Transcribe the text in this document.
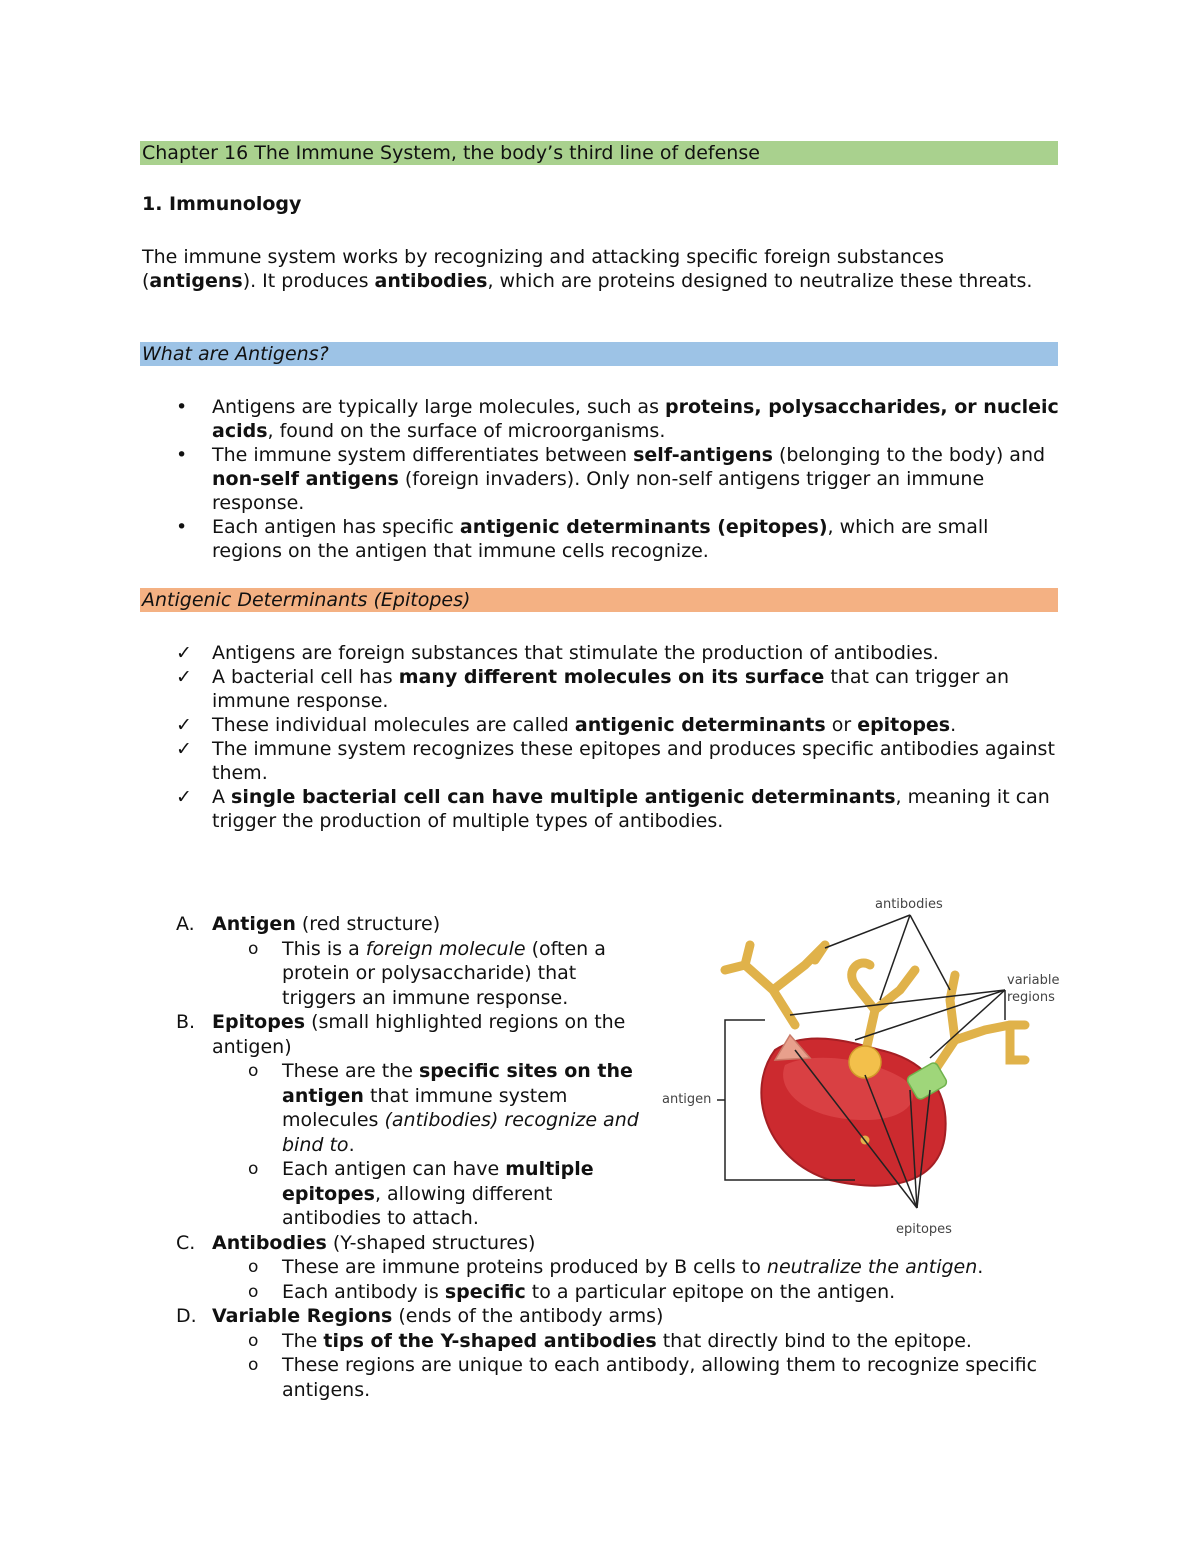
Chapter 16 The Immune System, the body’s third line of defense
1. Immunology

The immune system works by recognizing and attacking specific foreign substances (antigens). It produces antibodies, which are proteins designed to neutralize these threats.

What are Antigens?
• Antigens are typically large molecules, such as proteins, polysaccharides, or nucleic acids, found on the surface of microorganisms.
• The immune system differentiates between self-antigens (belonging to the body) and non-self antigens (foreign invaders). Only non-self antigens trigger an immune response.
• Each antigen has specific antigenic determinants (epitopes), which are small regions on the antigen that immune cells recognize.
Antigenic Determinants (Epitopes)
✓ Antigens are foreign substances that stimulate the production of antibodies.
✓ A bacterial cell has many different molecules on its surface that can trigger an immune response.
✓ These individual molecules are called antigenic determinants or epitopes.
✓ The immune system recognizes these epitopes and produces specific antibodies against them.
✓ A single bacterial cell can have multiple antigenic determinants, meaning it can trigger the production of multiple types of antibodies.
A. Antigen (red structure)
o This is a foreign molecule (often a protein or polysaccharide) that triggers an immune response.
B. Epitopes (small highlighted regions on the antigen)
o These are the specific sites on the antigen that immune system molecules (antibodies) recognize and bind to.
o Each antigen can have multiple epitopes, allowing different antibodies to attach.
C. Antibodies (Y-shaped structures)
o These are immune proteins produced by B cells to neutralize the antigen.
o Each antibody is specific to a particular epitope on the antigen.
D. Variable Regions (ends of the antibody arms)
o The tips of the Y-shaped antibodies that directly bind to the epitope.
o These regions are unique to each antibody, allowing them to recognize specific antigens.
antibodies
variable
regions
antigen
epitopes
